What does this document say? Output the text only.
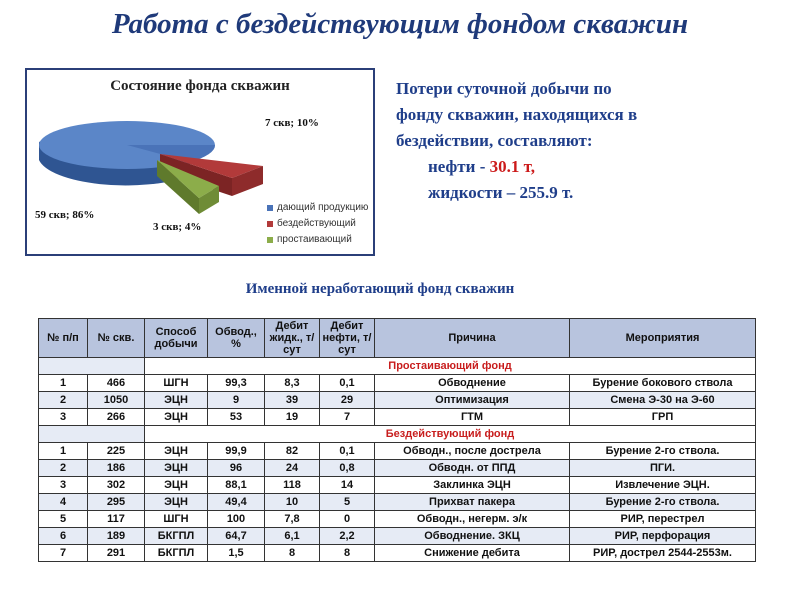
Работа с бездействующим фондом скважин
Состояние фонда скважин
59 скв; 86%
7 скв; 10%
3 скв; 4%
дающий продукцию
бездействующий
простаивающий
Потери суточной добычи по
фонду скважин, находящихся в
бездействии, составляют:
нефти - 30.1 т,
жидкости – 255.9 т.
Именной неработающий фонд скважин
№ п/п	№ скв.	Способ добычи	Обвод., %	Дебит жидк., т/сут	Дебит нефти, т/сут	Причина	Мероприятия
		Простаивающий фонд					
1	466	ШГН	99,3	8,3	0,1	Обводнение	Бурение бокового ствола
2	1050	ЭЦН	9	39	29	Оптимизация	Смена Э-30 на Э-60
3	266	ЭЦН	53	19	7	ГТМ	ГРП
		Бездействующий фонд					
1	225	ЭЦН	99,9	82	0,1	Обводн., после дострела	Бурение 2-го ствола.
2	186	ЭЦН	96	24	0,8	Обводн. от ППД	ПГИ.
3	302	ЭЦН	88,1	118	14	Заклинка ЭЦН	Извлечение ЭЦН.
4	295	ЭЦН	49,4	10	5	Прихват пакера	Бурение 2-го ствола.
5	117	ШГН	100	7,8	0	Обводн., негерм. э/к	РИР, перестрел
6	189	БКГПЛ	64,7	6,1	2,2	Обводнение. ЗКЦ	РИР, перфорация
7	291	БКГПЛ	1,5	8	8	Снижение дебита	РИР, дострел 2544-2553м.
